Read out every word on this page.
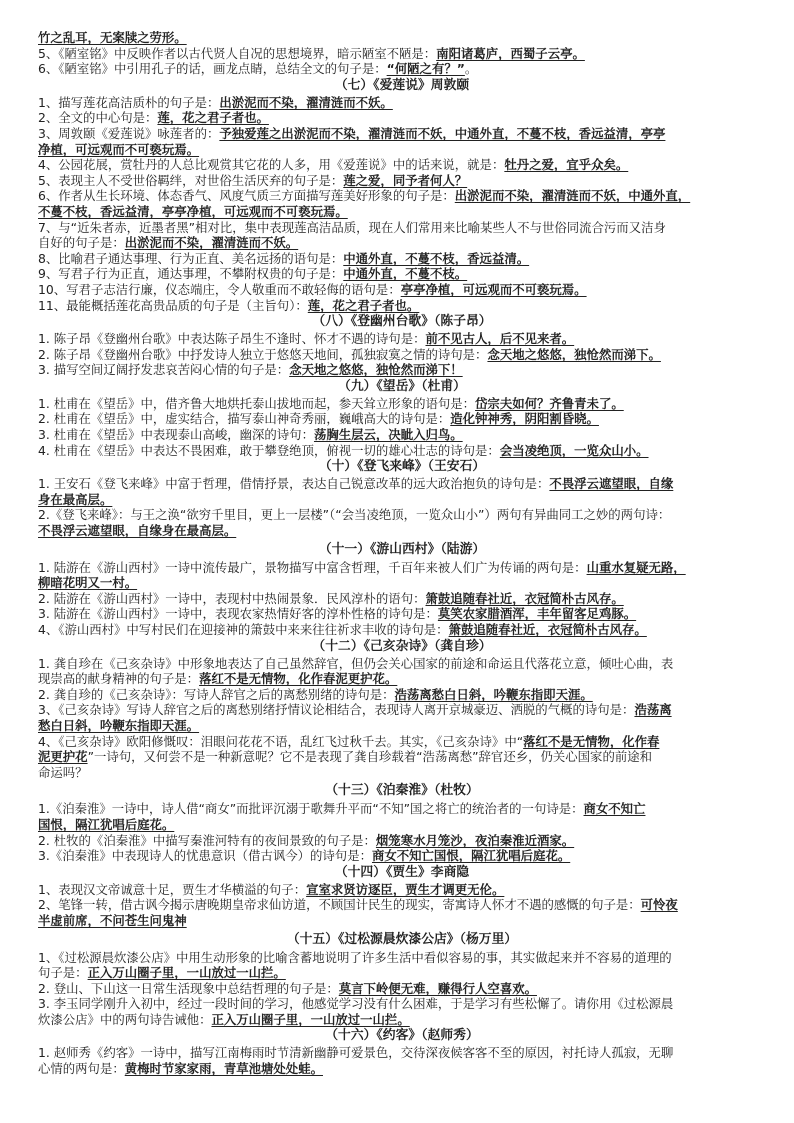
竹之乱耳，无案牍之劳形。
5、《陋室铭》中反映作者以古代贤人自况的思想境界，暗示陋室不陋是：南阳诸葛庐，西蜀子云亭。
6、《陋室铭》中引用孔子的话，画龙点睛，总结全文的句子是：“何陋之有？”。
（七）《爱莲说》周敦颐
1、描写莲花高洁质朴的句子是：出淤泥而不染，濯清涟而不妖。
2、全文的中心句是：莲，花之君子者也。
3、周敦颐《爱莲说》咏莲者的：予独爱莲之出淤泥而不染，濯清涟而不妖，中通外直，不蔓不枝，香远益清，亭亭
净植，可远观而不可亵玩焉。
4、公园花展，赏牡丹的人总比观赏其它花的人多，用《爱莲说》中的话来说，就是：牡丹之爱，宜乎众矣。
5、表现主人不受世俗羁绊，对世俗生活厌弃的句子是：莲之爱，同予者何人？
6、作者从生长环境、体态香气、风度气质三方面描写莲美好形象的句子是：出淤泥而不染，濯清涟而不妖，中通外直，
不蔓不枝，香远益清，亭亭净植，可远观而不可亵玩焉。
7、与“近朱者赤，近墨者黑”相对比，集中表现莲高洁品质，现在人们常用来比喻某些人不与世俗同流合污而又洁身
自好的句子是：出淤泥而不染，濯清涟而不妖。
8、比喻君子通达事理、行为正直、美名远扬的语句是：中通外直，不蔓不枝，香远益清。
9、写君子行为正直，通达事理，不攀附权贵的句子是：中通外直，不蔓不枝。
10、写君子志洁行廉，仪态端庄，令人敬重而不敢轻侮的语句是：亭亭净植，可远观而不可亵玩焉。
11、最能概括莲花高贵品质的句子是（主旨句）：莲，花之君子者也。
（八）《登幽州台歌》（陈子昂）
1. 陈子昂《登幽州台歌》中表达陈子昂生不逢时、怀才不遇的诗句是：前不见古人，后不见来者。
2. 陈子昂《登幽州台歌》中抒发诗人独立于悠悠天地间，孤独寂寞之情的诗句是：念天地之悠悠，独怆然而涕下。
3. 描写空间辽阔抒发悲哀苦闷心情的句子是：念天地之悠悠，独怆然而涕下！
（九）《望岳》（杜甫）
1. 杜甫在《望岳》中，借齐鲁大地烘托泰山拔地而起，参天耸立形象的语句是：岱宗夫如何？齐鲁青未了。
2. 杜甫在《望岳》中，虚实结合，描写泰山神奇秀丽，巍峨高大的诗句是：造化钟神秀，阴阳割昏晓。
3. 杜甫在《望岳》中表现泰山高峻，幽深的诗句：荡胸生层云，决眦入归鸟。
4. 杜甫在《望岳》中表达不畏困难，敢于攀登绝顶，俯视一切的雄心壮志的诗句是：会当凌绝顶，一览众山小。
（十）《登飞来峰》（王安石）
1. 王安石《登飞来峰》中富于哲理，借情抒景，表达自己锐意改革的远大政治抱负的诗句是：不畏浮云遮望眼，自缘
身在最高层。
2.《登飞来峰》：与王之涣“欲穷千里目，更上一层楼”（“会当凌绝顶，一览众山小”）两句有异曲同工之妙的两句诗：
不畏浮云遮望眼，自缘身在最高层。
（十一）《游山西村》（陆游）
1. 陆游在《游山西村》一诗中流传最广，景物描写中富含哲理，千百年来被人们广为传诵的两句是：山重水复疑无路，
柳暗花明又一村。
2. 陆游在《游山西村》一诗中，表现村中热闹景象．民风淳朴的语句：箫鼓追随春社近，衣冠简朴古风存。
3. 陆游在《游山西村》一诗中，表现农家热情好客的淳朴性格的诗句是：莫笑农家腊酒浑，丰年留客足鸡豚。
4、《游山西村》中写村民们在迎接神的箫鼓中来来往往祈求丰收的诗句是：箫鼓追随春社近，衣冠简朴古风存。
（十二）《己亥杂诗》（龚自珍）
1. 龚自珍在《己亥杂诗》中形象地表达了自己虽然辞官，但仍会关心国家的前途和命运且代落花立意，倾吐心曲，表
现崇高的献身精神的句子是：落红不是无情物，化作春泥更护花。
2. 龚自珍的《己亥杂诗》：写诗人辞官之后的离愁别绪的诗句是：浩荡离愁白日斜，吟鞭东指即天涯。
3、《己亥杂诗》写诗人辞官之后的离愁别绪抒情议论相结合，表现诗人离开京城豪迈、洒脱的气概的诗句是：浩荡离
愁白日斜，吟鞭东指即天涯。
4、《己亥杂诗》欧阳修慨叹：泪眼问花花不语，乱红飞过秋千去。其实，《己亥杂诗》中“落红不是无情物，化作春
泥更护花”一诗句，又何尝不是一种新意呢？它不是表现了龚自珍载着“浩荡离愁”辞官还乡，仍关心国家的前途和
命运吗？
（十三）《泊秦淮》（杜牧）
1.《泊秦淮》一诗中，诗人借“商女”而批评沉溺于歌舞升平而“不知”国之将亡的统治者的一句诗是：商女不知亡
国恨，隔江犹唱后庭花。
2. 杜牧的《泊秦淮》中描写秦淮河特有的夜间景致的句子是：烟笼寒水月笼沙，夜泊秦淮近酒家。
3.《泊秦淮》中表现诗人的忧患意识（借古讽今）的诗句是：商女不知亡国恨，隔江犹唱后庭花。
（十四）《贾生》李商隐
1、表现汉文帝诚意十足，贾生才华横溢的句子：宣室求贤访逐臣，贾生才调更无伦。
2、笔锋一转，借古讽今揭示唐晚期皇帝求仙访道，不顾国计民生的现实，寄寓诗人怀才不遇的感慨的句子是：可怜夜
半虚前席，不问苍生问鬼神
（十五）《过松源晨炊漆公店》（杨万里）
1、《过松源晨炊漆公店》中用生动形象的比喻含蓄地说明了许多生活中看似容易的事，其实做起来并不容易的道理的
句子是：正入万山圈子里，一山放过一山拦。
2. 登山、下山这一日常生活现象中总结哲理的句子是：莫言下岭便无难，赚得行人空喜欢。
3. 李玉同学刚升入初中，经过一段时间的学习，他感觉学习没有什么困难，于是学习有些松懈了。请你用《过松源晨
炊漆公店》中的两句诗告诫他：正入万山圈子里，一山放过一山拦。
（十六）《约客》（赵师秀）
1. 赵师秀《约客》一诗中，描写江南梅雨时节清新幽静可爱景色，交待深夜候客客不至的原因，衬托诗人孤寂，无聊
心情的两句是：黄梅时节家家雨，青草池塘处处蛙。
